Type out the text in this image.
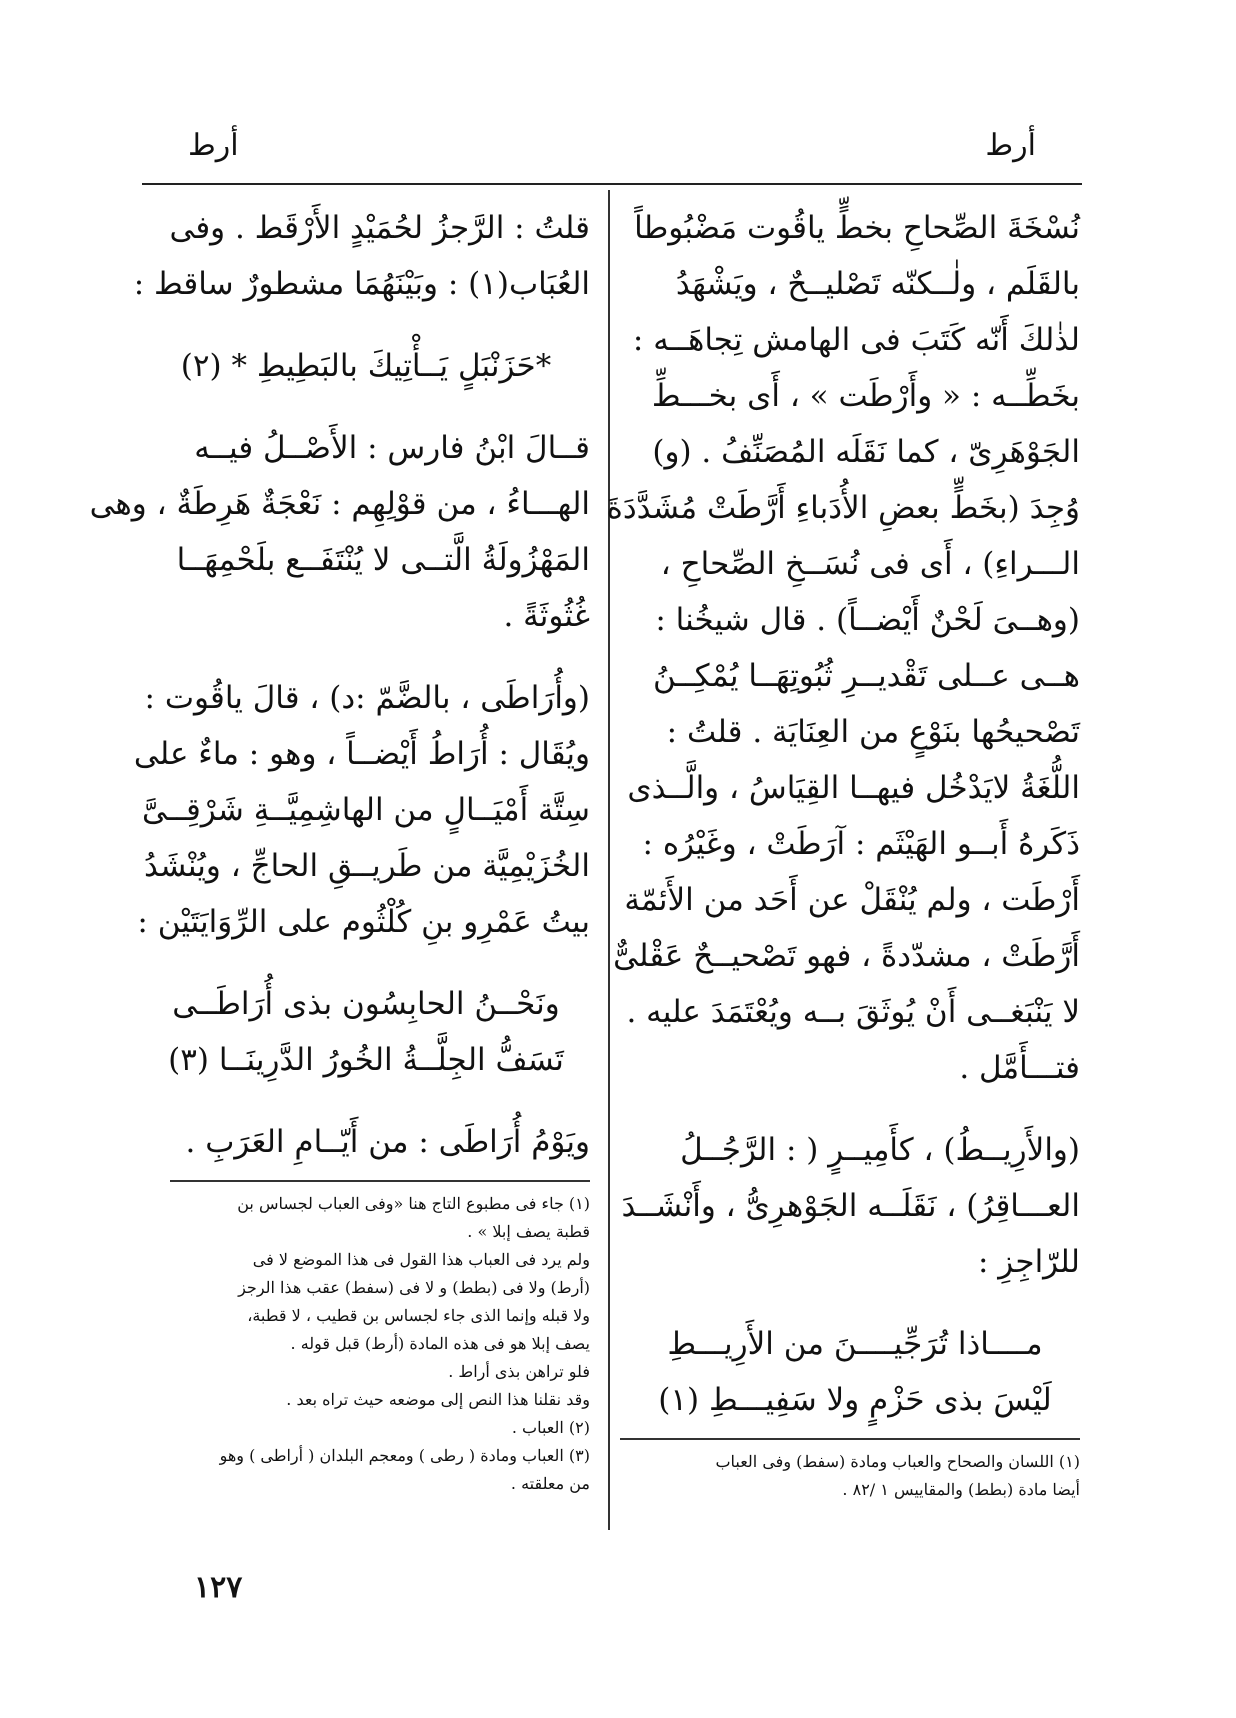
أرط
أرط
نُسْخَةَ الصِّحاحِ بخطٍّ ياقُوت مَضْبُوطاً
بالقَلَم ، ولٰــكنّه تَصْليــحٌ ، ويَشْهَدُ
لذٰلكَ أَنّه كَتَبَ فى الهامش تِجاهَــه :
بخَطِّــه : « وأَرْطَت » ، أَى بخـــطِّ
الجَوْهَرِىّ ، كما نَقَلَه المُصَنِّفُ . (و)
وُجِدَ (بخَطٍّ بعضِ الأُدَباءِ أَرَّطَتْ مُشَدَّدَةَ
الـــراءِ) ، أَى فى نُسَــخِ الصِّحاحِ ،
(وهــىَ لَحْنٌ أَيْضــاً) . قال شيخُنا :
هــى عــلى تَقْديــرِ ثُبُوتِهَــا يُمْكِــنُ
تَصْحيحُها بنَوْعٍ من العِنَايَة . قلتُ :
اللُّغَةُ لايَدْخُل فيهــا القِيَاسُ ، والَّــذى
ذَكَرهُ أَبــو الهَيْثَم : آرَطَتْ ، وغَيْرُه :
أَرْطَت ، ولم يُنْقَلْ عن أَحَد من الأَئمّة
أَرَّطَتْ ، مشدّدةً ، فهو تَصْحيــحٌ عَقْلىٌّ
لا يَنْبَغــى أَنْ يُوثَقَ بــه ويُعْتَمَدَ عليه .
فتـــأَمَّل .
(والأَرِيــطُ) ، كأَمِيــرٍ ( : الرَّجُــلُ
العـــاقِرُ) ، نَقَلَــه الجَوْهرِىُّ ، وأَنْشَــدَ
للرّاجِزِ :
مــــاذا تُرَجِّيــــنَ من الأَرِيـــطِ
لَيْسَ بذى حَزْمٍ ولا سَفِيـــطِ (١)
(١) اللسان والصحاح والعباب ومادة (سفط) وفى العباب
أيضا مادة (بطط) والمقاييس ١ /٨٢ .
قلتُ : الرَّجزُ لحُمَيْدٍ الأَرْقَط . وفى
العُبَاب(١) : وبَيْنَهُمَا مشطورٌ ساقط :
*حَزَنْبَلٍ يَــأْتِيكَ بالبَطِيطِ * (٢)
قــالَ ابْنُ فارس : الأَصْــلُ فيــه
الهـــاءُ ، من قوْلِهِم : نَعْجَةٌ هَرِطَةٌ ، وهى
المَهْزُولَةُ الَّتــى لا يُنْتَفَــع بلَحْمِهَــا
غُثُوثَةً .
(وأُرَاطَى ، بالضَّمّ :د) ، قالَ ياقُوت :
ويُقَال : أُرَاطُ أَيْضــاً ، وهو : ماءٌ على
سِتَّة أَمْيَــالٍ من الهاشِمِيَّــةِ شَرْقِــىَّ
الخُزَيْمِيَّة من طَريــقِ الحاجِّ ، ويُنْشَدُ
بيتُ عَمْرِو بنِ كُلْثُوم على الرِّوَايَتَيْن :
ونَحْــنُ الحابِسُون بذى أُرَاطَــى
تَسَفُّ الجِلَّــةُ الخُورُ الدَّرِينَــا (٣)
ويَوْمُ أُرَاطَى : من أَيّــامِ العَرَبِ .
(١) جاء فى مطبوع التاج هنا «وفى العباب لجساس بن
قطبة يصف إبلا » .
ولم يرد فى العباب هذا القول فى هذا الموضع لا فى
(أرط) ولا فى (بطط) و لا فى (سفط) عقب هذا الرجز
ولا قبله وإنما الذى جاء لجساس بن قطيب ، لا قطبة،
يصف إبلا هو فى هذه المادة (أرط) قبل قوله .
فلو تراهن بذى أراط .
وقد نقلنا هذا النص إلى موضعه حيث تراه بعد .
(٢) العباب .
(٣) العباب ومادة ( رطى ) ومعجم البلدان ( أراطى ) وهو
من معلقته .
١٢٧
